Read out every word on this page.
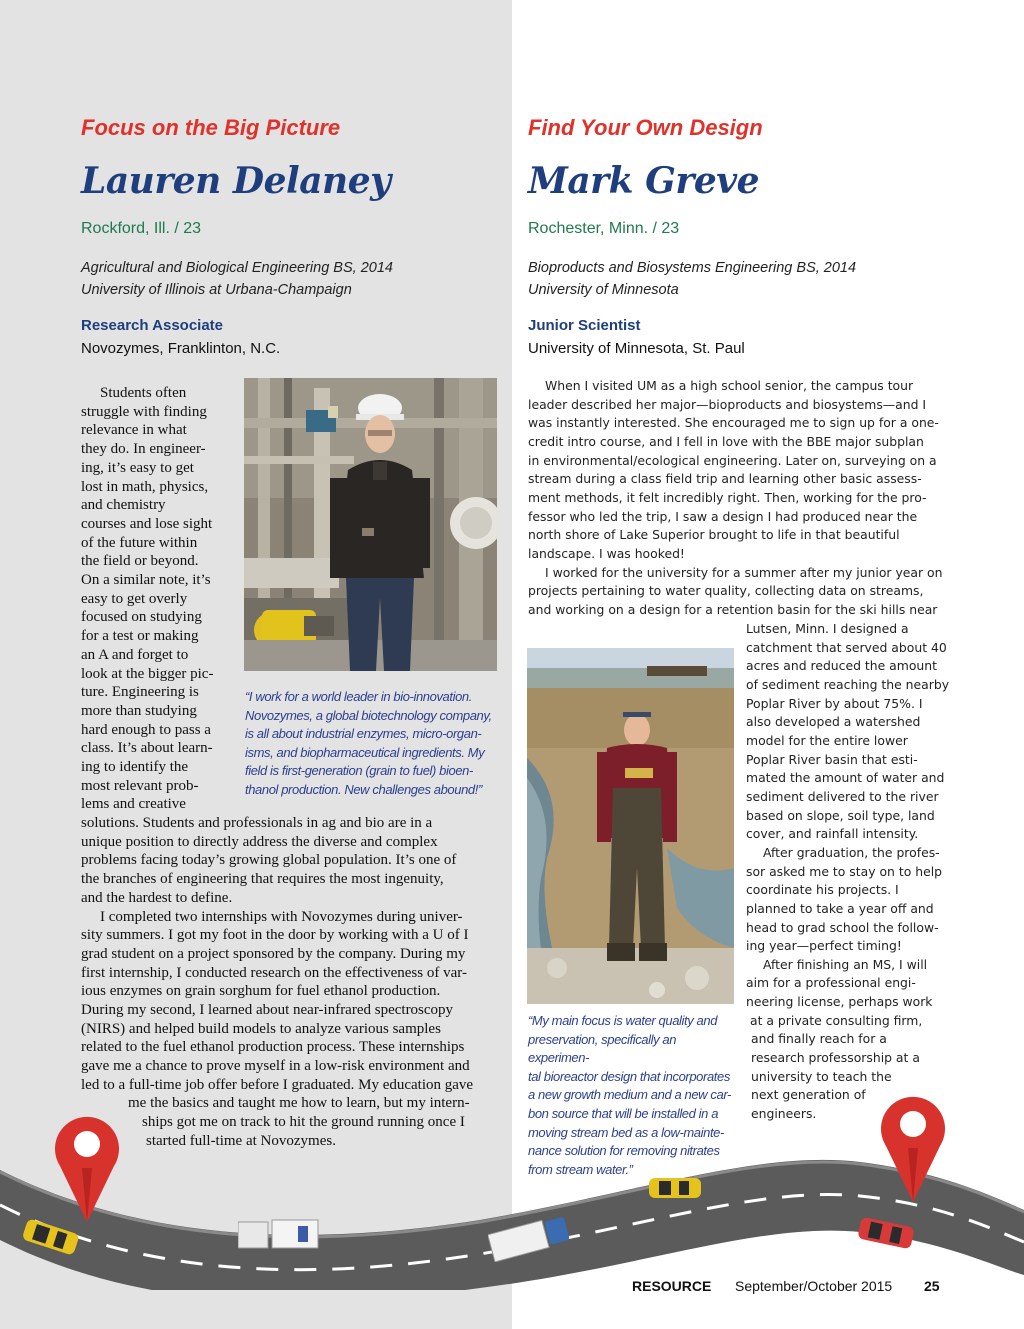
Focus on the Big Picture
Lauren Delaney
Rockford, Ill. / 23
Agricultural and Biological Engineering BS, 2014
University of Illinois at Urbana-Champaign
Research Associate
Novozymes, Franklinton, N.C.
Find Your Own Design
Mark Greve
Rochester, Minn. / 23
Bioproducts and Biosystems Engineering BS, 2014
University of Minnesota
Junior Scientist
University of Minnesota, St. Paul
“I work for a world leader in bio-innovation.
Novozymes, a global biotechnology company,
is all about industrial enzymes, micro-organ-
isms, and biopharmaceutical ingredients. My
field is first-generation (grain to fuel) bioen-
thanol production. New challenges abound!”
Students often
struggle with finding
relevance in what
they do. In engineer-
ing, it’s easy to get
lost in math, physics,
and chemistry
courses and lose sight
of the future within
the field or beyond.
On a similar note, it’s
easy to get overly
focused on studying
for a test or making
an A and forget to
look at the bigger pic-
ture. Engineering is
more than studying
hard enough to pass a
class. It’s about learn-
ing to identify the
most relevant prob-
lems and creative
solutions. Students and professionals in ag and bio are in a
unique position to directly address the diverse and complex
problems facing today’s growing global population. It’s one of
the branches of engineering that requires the most ingenuity,
and the hardest to define.
I completed two internships with Novozymes during univer-
sity summers. I got my foot in the door by working with a U of I
grad student on a project sponsored by the company. During my
first internship, I conducted research on the effectiveness of var-
ious enzymes on grain sorghum for fuel ethanol production.
During my second, I learned about near-infrared spectroscopy
(NIRS) and helped build models to analyze various samples
related to the fuel ethanol production process. These internships
gave me a chance to prove myself in a low-risk environment and
led to a full-time job offer before I graduated. My education gave
me the basics and taught me how to learn, but my intern-
ships got me on track to hit the ground running once I
started full-time at Novozymes.
When I visited UM as a high school senior, the campus tour
leader described her major—bioproducts and biosystems—and I
was instantly interested. She encouraged me to sign up for a one-
credit intro course, and I fell in love with the BBE major subplan
in environmental/ecological engineering. Later on, surveying on a
stream during a class field trip and learning other basic assess-
ment methods, it felt incredibly right. Then, working for the pro-
fessor who led the trip, I saw a design I had produced near the
north shore of Lake Superior brought to life in that beautiful
landscape. I was hooked!
I worked for the university for a summer after my junior year on
projects pertaining to water quality, collecting data on streams,
and working on a design for a retention basin for the ski hills near
“My main focus is water quality and
preservation, specifically an experimen-
tal bioreactor design that incorporates
a new growth medium and a new car-
bon source that will be installed in a
moving stream bed as a low-mainte-
nance solution for removing nitrates
from stream water.”
Lutsen, Minn. I designed a
catchment that served about 40
acres and reduced the amount
of sediment reaching the nearby
Poplar River by about 75%. I
also developed a watershed
model for the entire lower
Poplar River basin that esti-
mated the amount of water and
sediment delivered to the river
based on slope, soil type, land
cover, and rainfall intensity.
After graduation, the profes-
sor asked me to stay on to help
coordinate his projects. I
planned to take a year off and
head to grad school the follow-
ing year—perfect timing!
After finishing an MS, I will
aim for a professional engi-
neering license, perhaps work
at a private consulting firm,
and finally reach for a
research professorship at a
university to teach the
next generation of
engineers.
RESOURCE September/October 2015 25
